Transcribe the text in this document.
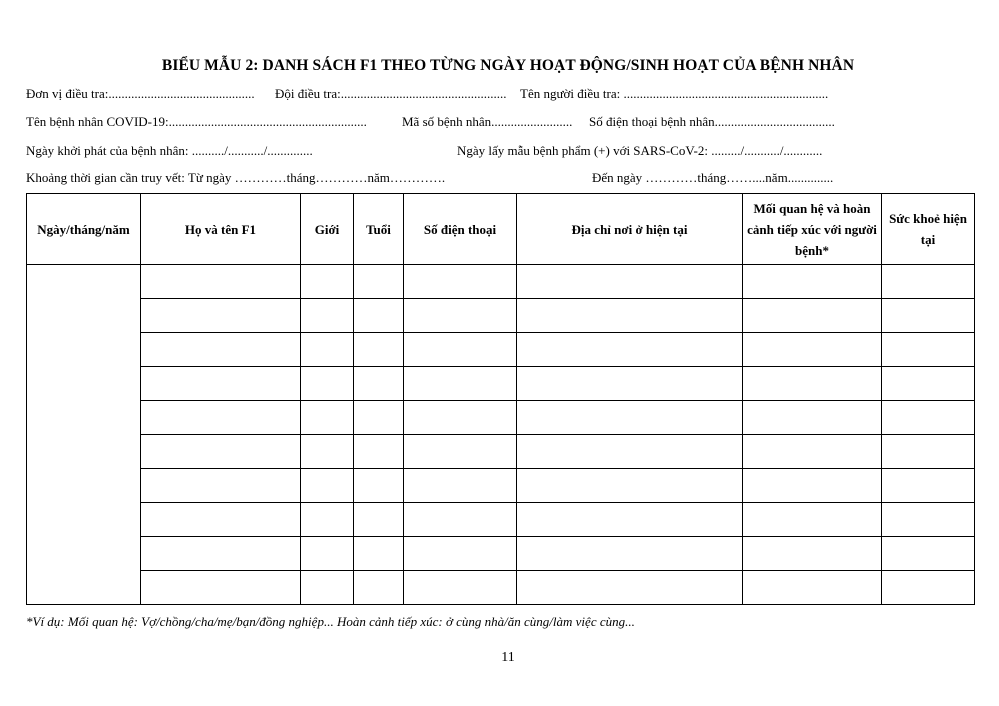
BIỂU MẪU 2: DANH SÁCH F1 THEO TỪNG NGÀY HOẠT ĐỘNG/SINH HOẠT CỦA BỆNH NHÂN
Đơn vị điều tra:............................................. Đội điều tra:................................................... Tên người điều tra: ...............................................................
Tên bệnh nhân COVID-19:.............................................................	Mã số bệnh nhân......................... Số điện thoại bệnh nhân.....................................
Ngày khởi phát của bệnh nhân: ........../.........../..............	Ngày lấy mẫu bệnh phẩm (+) với SARS-CoV-2: ........./.........../............
Khoảng thời gian cần truy vết: Từ ngày …………tháng…………năm………….	Đến ngày …………tháng……....năm..............
Ngày/tháng/năm	Họ và tên F1	Giới	Tuổi	Số điện thoại	Địa chỉ nơi ở hiện tại	Mối quan hệ và hoàn cảnh tiếp xúc với người bệnh*	Sức khoẻ hiện tại

*Ví dụ: Mối quan hệ: Vợ/chồng/cha/mẹ/bạn/đồng nghiệp... Hoàn cảnh tiếp xúc: ở cùng nhà/ăn cùng/làm việc cùng...
11
